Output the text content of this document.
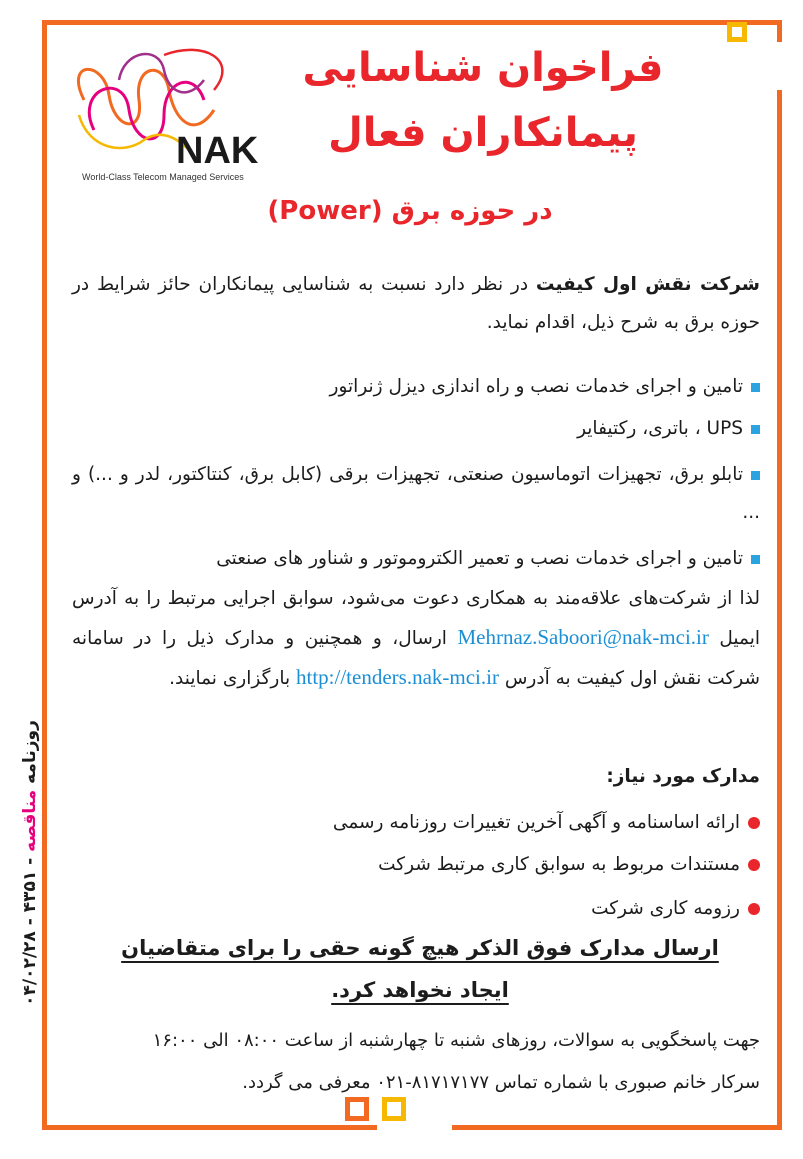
NAK
World-Class Telecom Managed Services
فراخوان شناسایی
پیمانکاران فعال
در حوزه برق (Power)
شرکت نقش اول کیفیت در نظر دارد نسبت به شناسایی پیمانکاران حائز شرایط در حوزه برق به شرح ذیل، اقدام نماید.
تامین و اجرای خدمات نصب و راه اندازی دیزل ژنراتور
UPS ، باتری، رکتیفایر
تابلو برق، تجهیزات اتوماسیون صنعتی، تجهیزات برقی (کابل برق، کنتاکتور، لدر و ...) و ...
تامین و اجرای خدمات نصب و تعمیر الکتروموتور و شناور های صنعتی
لذا از شرکت‌های علاقه‌مند به همکاری دعوت می‌شود، سوابق اجرایی مرتبط را به آدرس ایمیل Mehrnaz.Saboori@nak-mci.ir ارسال، و همچنین و مدارک ذیل را در سامانه شرکت نقش اول کیفیت به آدرس http://tenders.nak-mci.ir بارگزاری نمایند.
مدارک مورد نیاز:
ارائه اساسنامه و آگهی آخرین تغییرات روزنامه رسمی
مستندات مربوط به سوابق کاری مرتبط شرکت
رزومه کاری شرکت
ارسال مدارک فوق الذکر هیچ گونه حقی را برای متقاضیان
ایجاد نخواهد کرد.
جهت پاسخگویی به سوالات، روزهای شنبه تا چهارشنبه از ساعت ۰۸:۰۰ الی ۱۶:۰۰
سرکار خانم صبوری با شماره تماس ۸۱۷۱۷۱۷۷-۰۲۱ معرفی می گردد.
روزنامه مناقصه - ۴۳۵۱ - ۰۴/۰۲/۲۸
